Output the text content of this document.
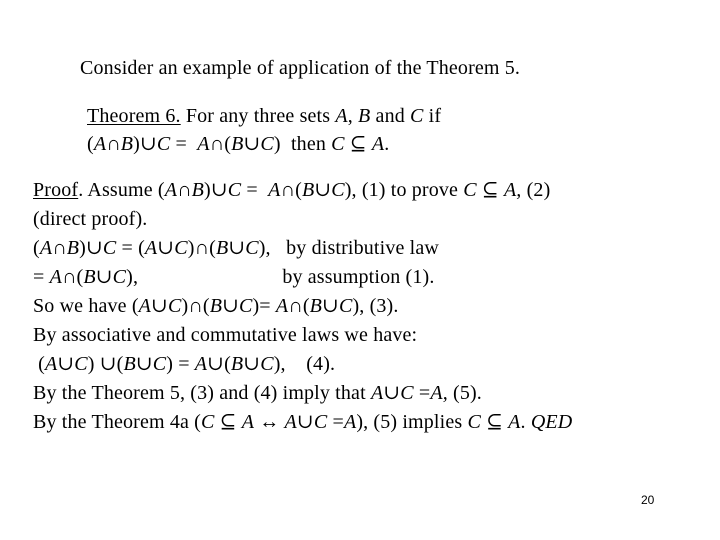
Consider an example of application of the Theorem 5.
Theorem 6. For any three sets A, B and C if
(A∩B)∪C =  A∩(B∪C)  then C ⊆ A.
Proof. Assume (A∩B)∪C =  A∩(B∪C), (1) to prove C ⊆ A, (2)
(direct proof).
(A∩B)∪C = (A∪C)∩(B∪C),   by distributive law
= A∩(B∪C),                            by assumption (1).
So we have (A∪C)∩(B∪C)= A∩(B∪C), (3).
By associative and commutative laws we have:
(A∪C) ∪(B∪C) = A∪(B∪C),    (4).
By the Theorem 5, (3) and (4) imply that A∪C =A, (5).
By the Theorem 4a (C ⊆ A ↔ A∪C =A), (5) implies C ⊆ A. QED
20
